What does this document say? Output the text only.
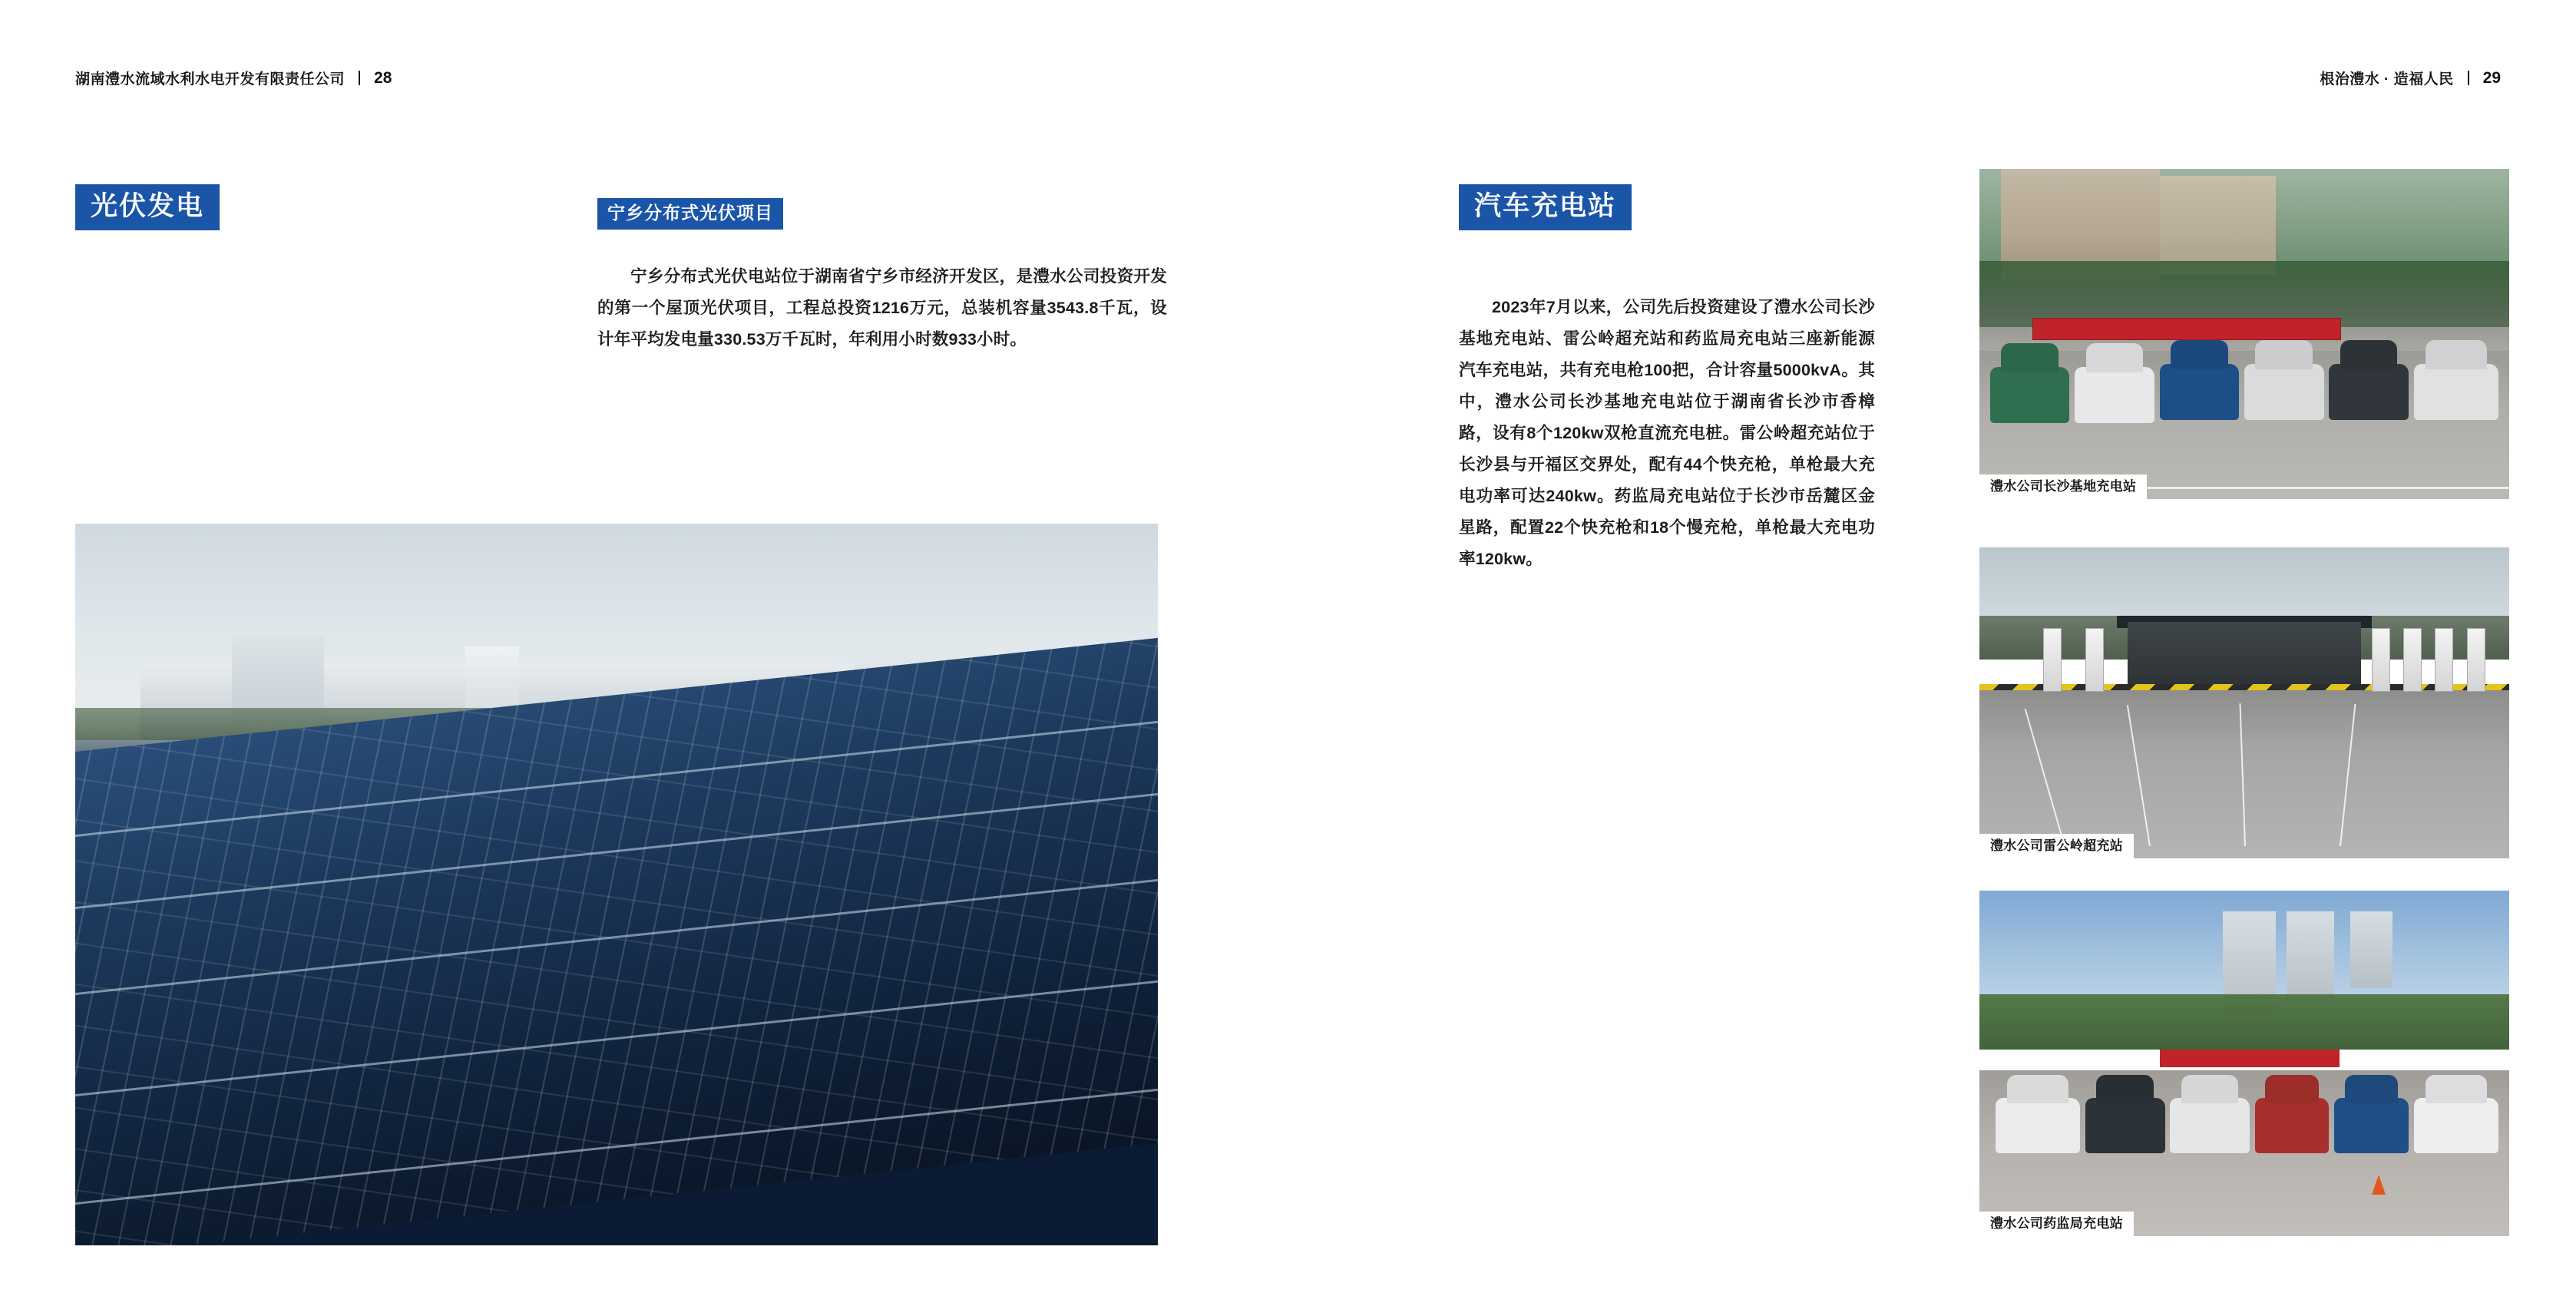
湖南澧水流域水利水电开发有限责任公司 28
光伏发电	宁乡分布式光伏项目
宁乡分布式光伏电站位于湖南省宁乡市经济开发区，是澧水公司投资开发的第一个屋顶光伏项目，工程总投资1216万元，总装机容量3543.8千瓦，设计年平均发电量330.53万千瓦时，年利用小时数933小时。
根治澧水 · 造福人民 29
汽车充电站
2023年7月以来，公司先后投资建设了澧水公司长沙基地充电站、雷公岭超充站和药监局充电站三座新能源汽车充电站，共有充电枪100把，合计容量5000kvA。其中，澧水公司长沙基地充电站位于湖南省长沙市香樟路，设有8个120kw双枪直流充电桩。雷公岭超充站位于长沙县与开福区交界处，配有44个快充枪，单枪最大充电功率可达240kw。药监局充电站位于长沙市岳麓区金星路，配置22个快充枪和18个慢充枪，单枪最大充电功率120kw。
澧水公司长沙基地充电站
澧水公司雷公岭超充站
澧水公司药监局充电站
